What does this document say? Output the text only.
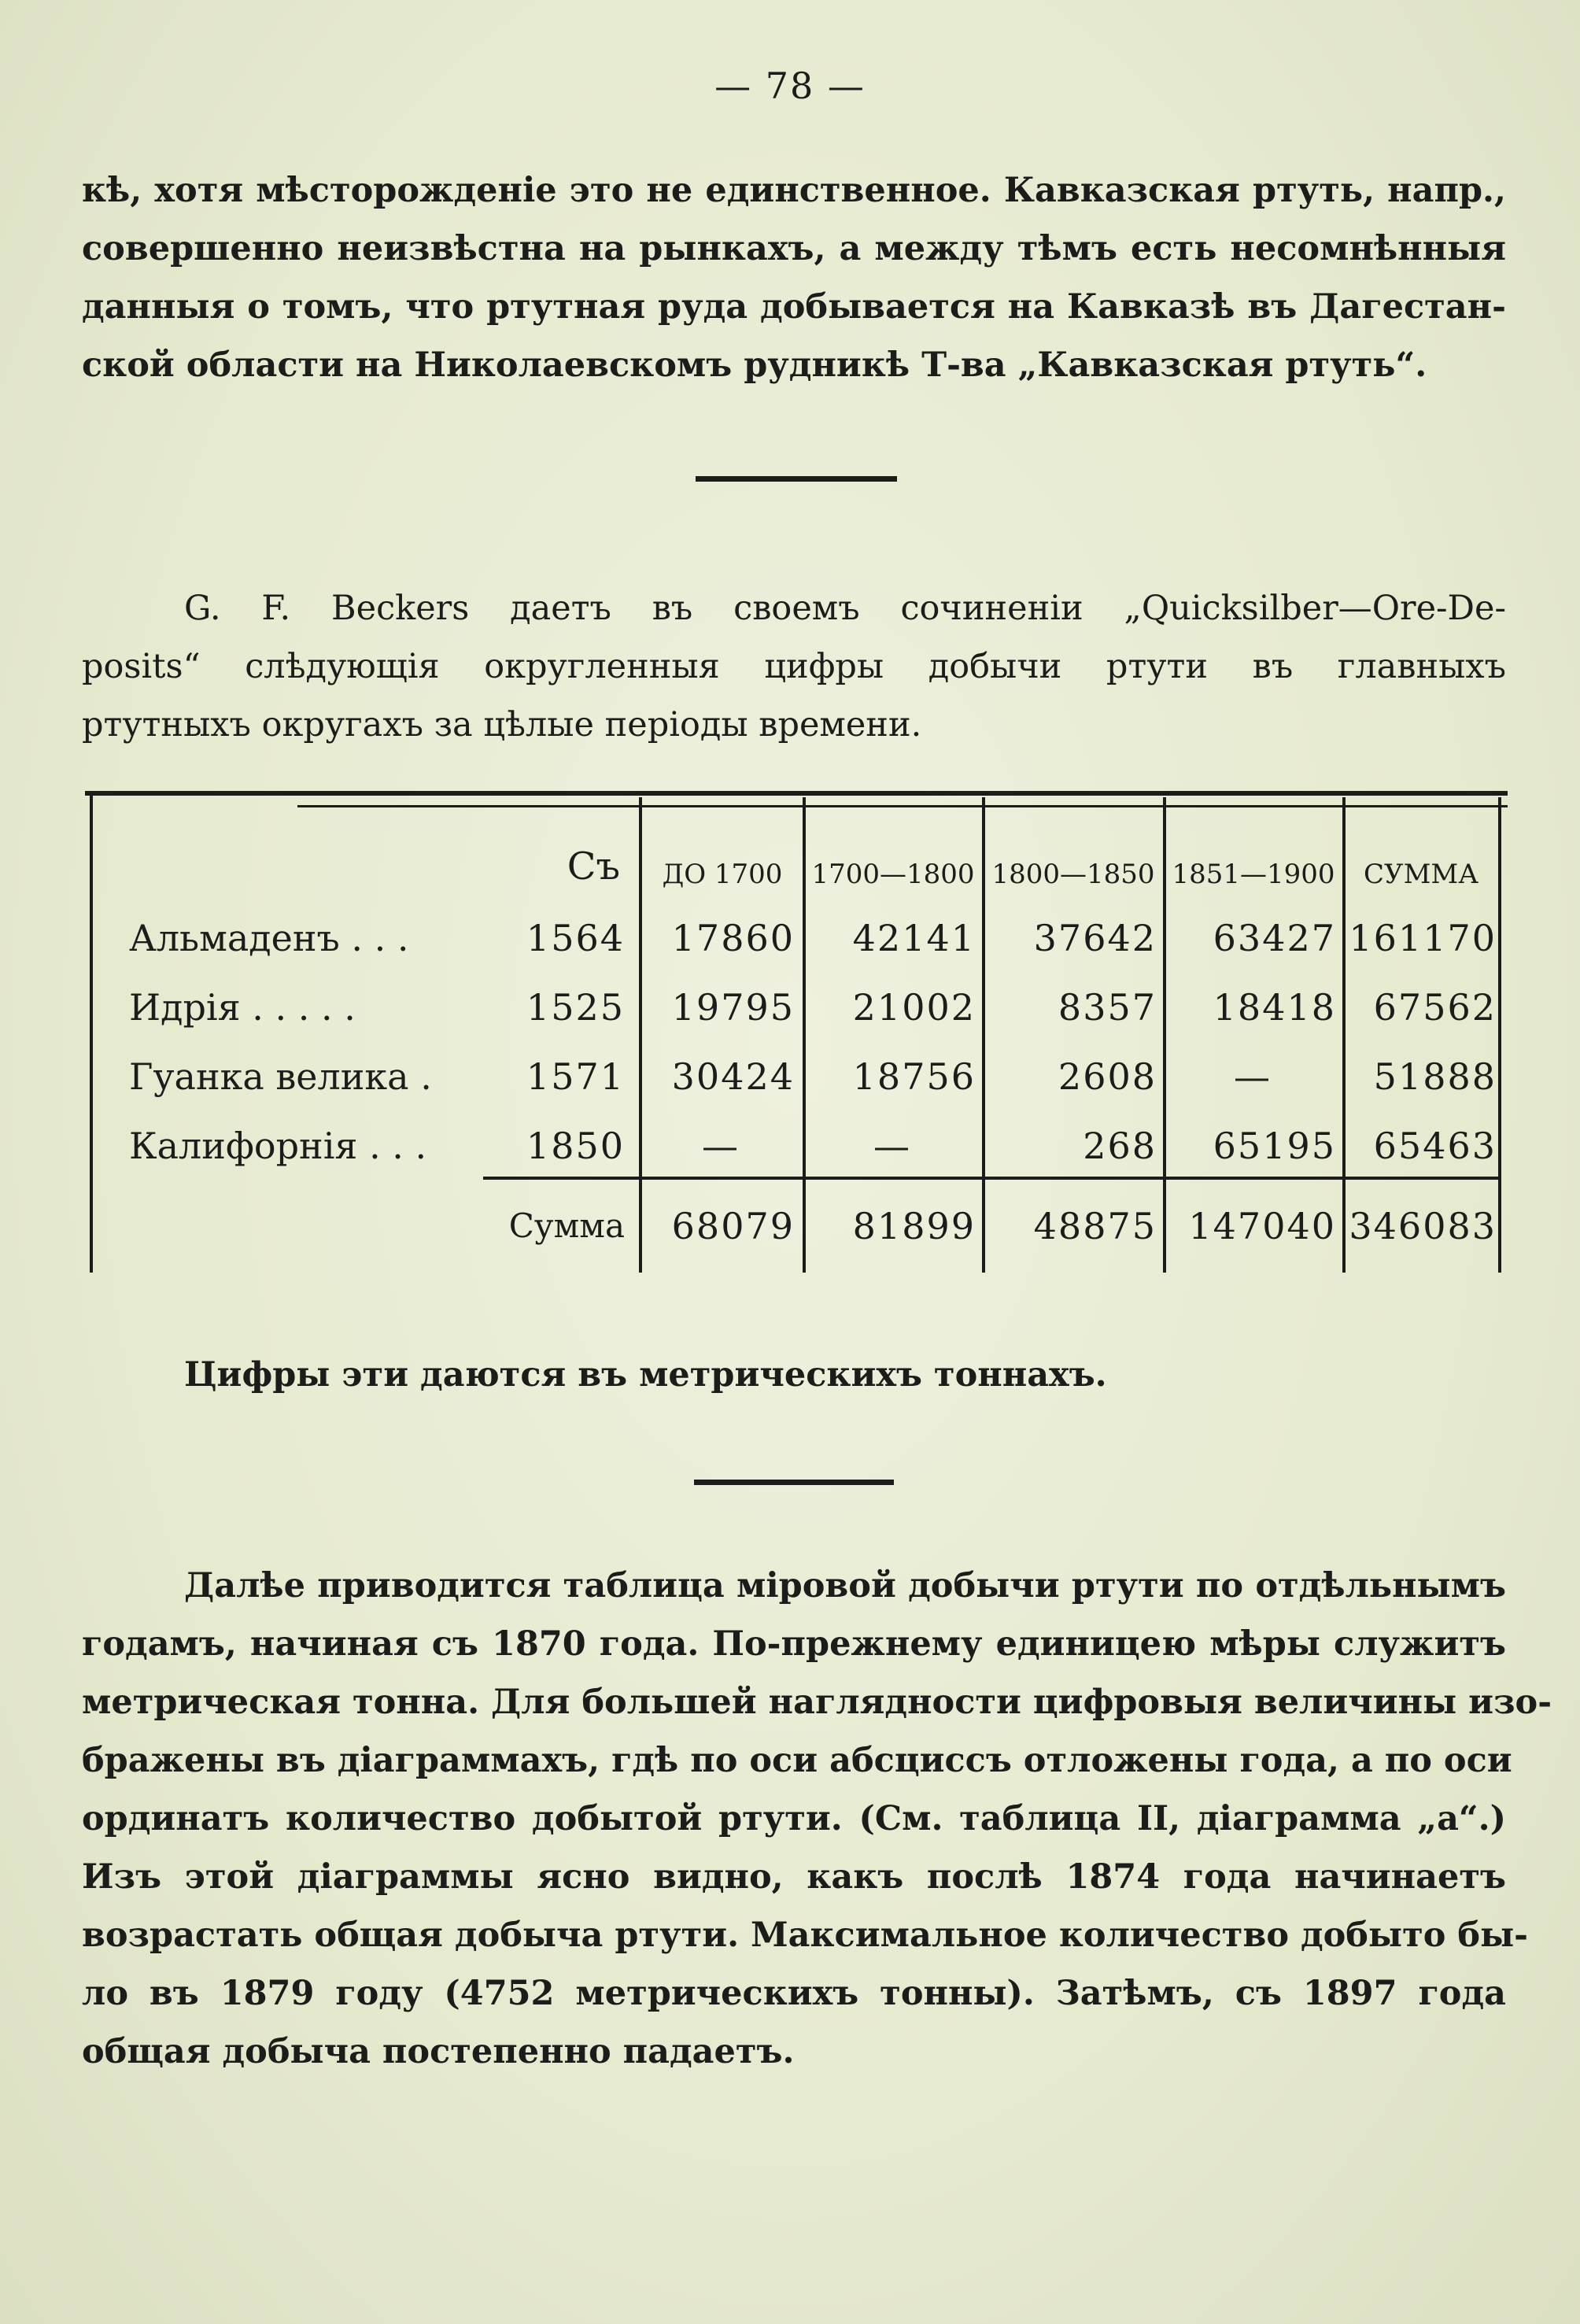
— 78 —

кѣ, хотя мѣсторожденіе это не единственное. Кавказская ртуть, напр.,
совершенно неизвѣстна на рынкахъ, а между тѣмъ есть несомнѣнныя
данныя о томъ, что ртутная руда добывается на Кавказѣ въ Дагестан-
ской области на Николаевскомъ рудникѣ Т-ва „Кавказская ртуть“.

G. F. Beckers даетъ въ своемъ сочиненіи „Quicksilber—Ore-De-
posits“ слѣдующія округленныя цифры добычи ртути въ главныхъ
ртутныхъ округахъ за цѣлые періоды времени.

Съ	ДО 1700	1700—1800 1800—1850 1851—1900	СУММА
Альмаденъ . . .	1564	17860	42141	37642	63427 161170
Идрія . . . . .	1525	19795	21002	8357	18418	67562
Гуанка велика .	1571	30424	18756	2608	—	51888
Калифорнія . . .	1850	—	—	268	65195	65463
Сумма	68079	81899	48875 147040 346083

Цифры эти даются въ метрическихъ тоннахъ.

Далѣе приводится таблица міровой добычи ртути по отдѣльнымъ
годамъ, начиная съ 1870 года. По-прежнему единицею мѣры служитъ
метрическая тонна. Для большей наглядности цифровыя величины изо-
бражены въ діаграммахъ, гдѣ по оси абсциссъ отложены года, а по оси
ординатъ количество добытой ртути. (См. таблица II, діаграмма „а“.)
Изъ этой діаграммы ясно видно, какъ послѣ 1874 года начинаетъ
возрастать общая добыча ртути. Максимальное количество добыто бы-
ло въ 1879 году (4752 метрическихъ тонны). Затѣмъ, съ 1897 года
общая добыча постепенно падаетъ.
